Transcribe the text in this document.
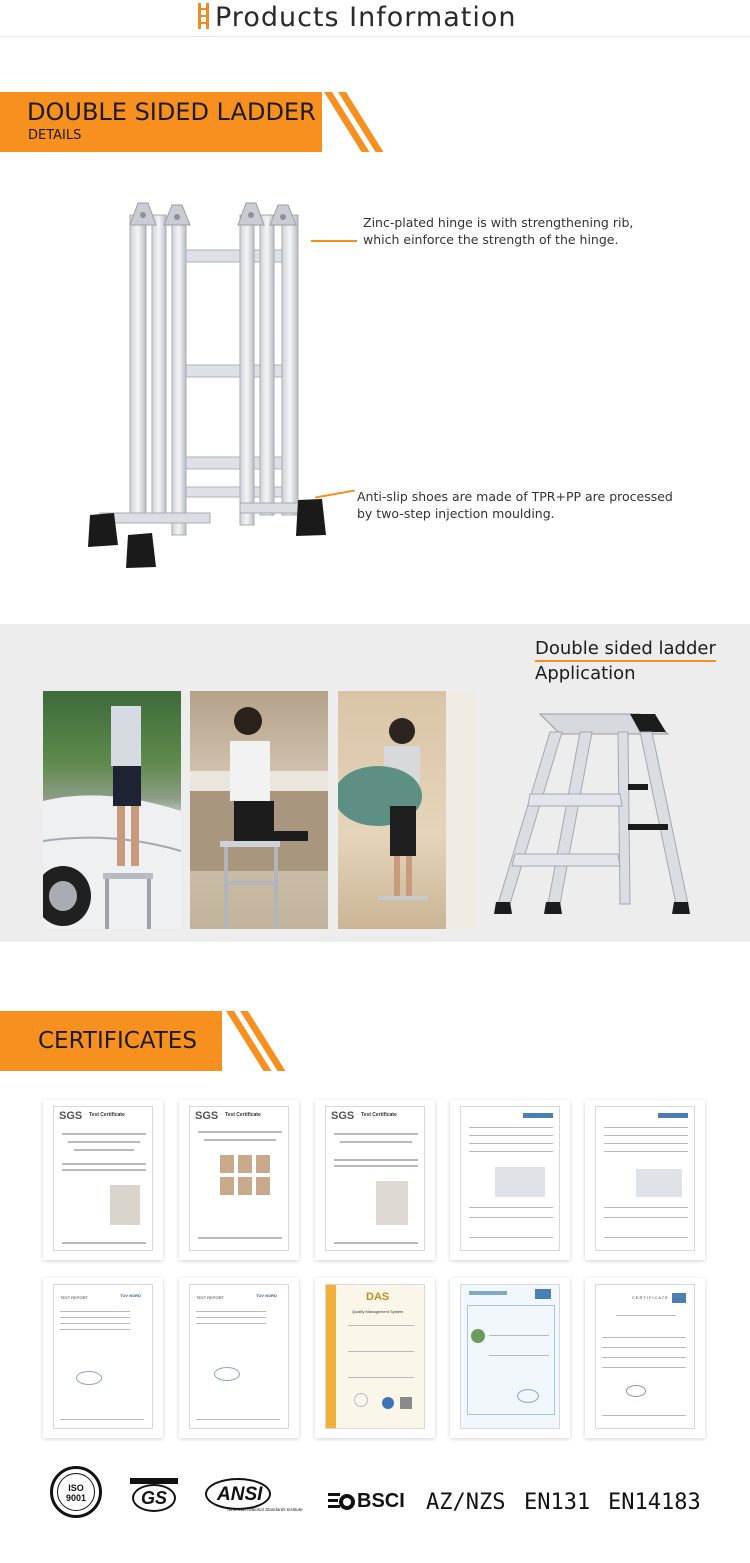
Products Information
DOUBLE SIDED LADDER
DETAILS
Zinc-plated hinge is with strengthening rib,
which einforce the strength of the hinge.
Anti-slip shoes are made of TPR+PP are processed
by two-step injection moulding.
Double sided ladder
Application
CERTIFICATES
SGS Test Certificate	SGS Test Certificate	SGS Test Certificate
TEST REPORT	TUV NORD	TEST REPORT	TUV NORD	DAS
Quality Management System
CERTIFICATE
ISO 9001	GS	ANSI
American National Standards Institute	BSCI AZ/NZS EN131 EN14183
